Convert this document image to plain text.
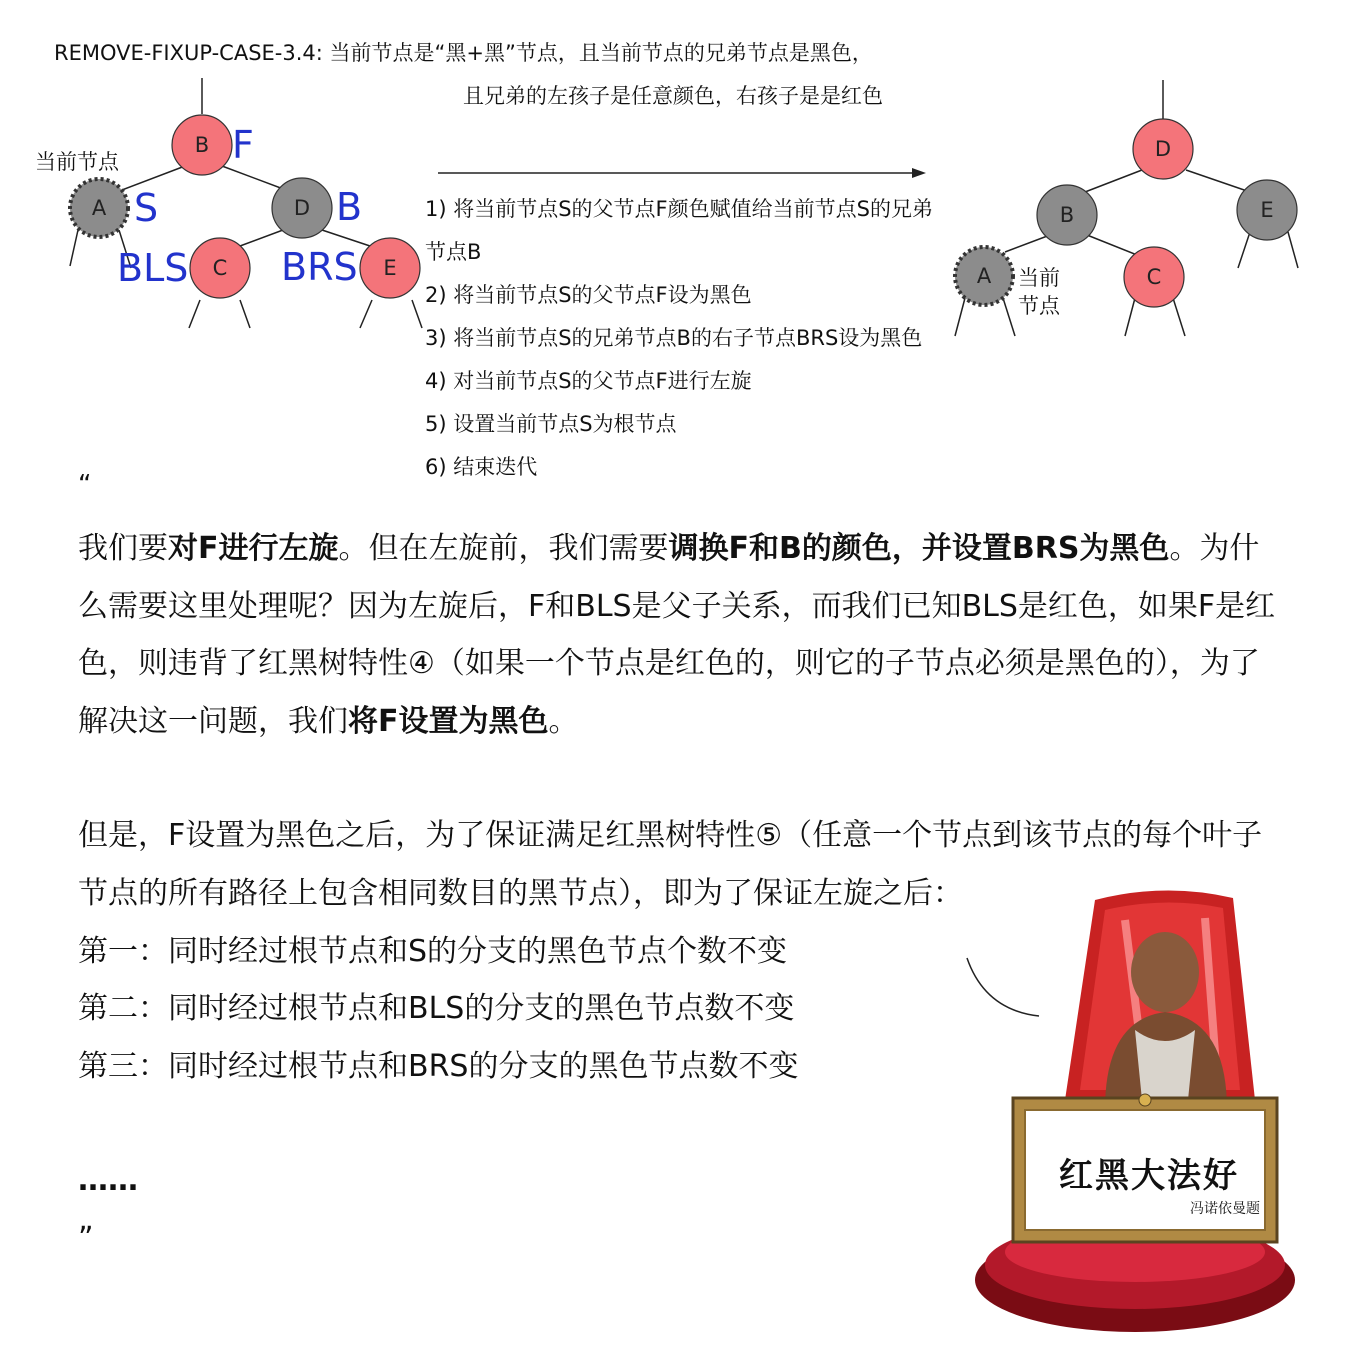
REMOVE-FIXUP-CASE-3.4: 当前节点是“黑+黑”节点，且当前节点的兄弟节点是黑色，
且兄弟的左孩子是任意颜色，右孩子是是红色
B
A	D
C	E
F
S	B
BLS BRS
当前节点
1) 将当前节点S的父节点F颜色赋值给当前节点S的兄弟
节点B
2) 将当前节点S的父节点F设为黑色
3) 将当前节点S的兄弟节点B的右子节点BRS设为黑色
4) 对当前节点S的父节点F进行左旋
5) 设置当前节点S为根节点
6) 结束迭代
D
B	E
A	C
当前
节点
“

我们要对F进行左旋。但在左旋前，我们需要调换F和B的颜色，并设置BRS为黑色。为什么需要这里处理呢？因为左旋后，F和BLS是父子关系，而我们已知BLS是红色，如果F是红色，则违背了红黑树特性④（如果一个节点是红色的，则它的子节点必须是黑色的），为了解决这一问题，我们将F设置为黑色。

但是，F设置为黑色之后，为了保证满足红黑树特性⑤（任意一个节点到该节点的每个叶子节点的所有路径上包含相同数目的黑节点），即为了保证左旋之后：

第一：同时经过根节点和S的分支的黑色节点个数不变

第二：同时经过根节点和BLS的分支的黑色节点数不变

第三：同时经过根节点和BRS的分支的黑色节点数不变

……

”

红黑大法好
冯诺依曼题
